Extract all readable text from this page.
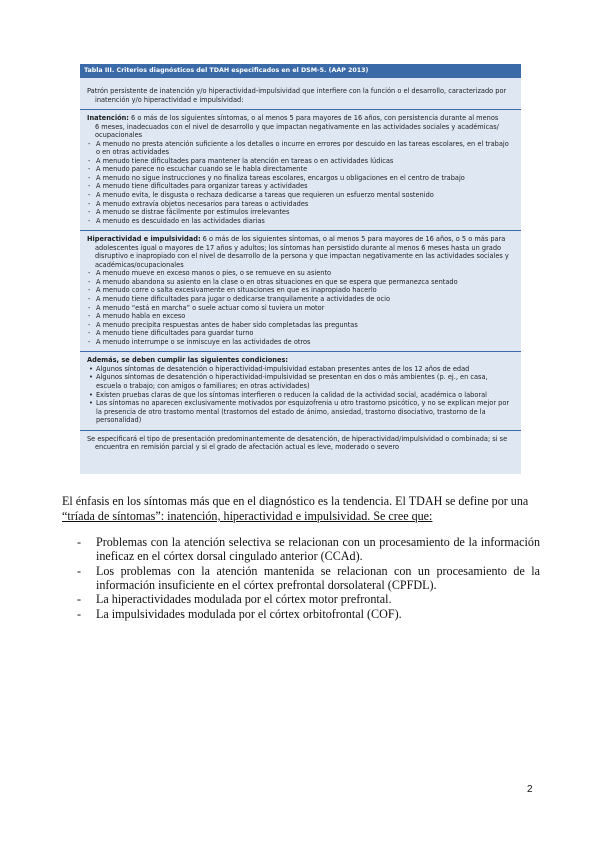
Tabla III. Criterios diagnósticos del TDAH especificados en el DSM-5. (AAP 2013)
Patrón persistente de inatención y/o hiperactividad-impulsividad que interfiere con la función o el desarrollo, caracterizado por
inatención y/o hiperactividad e impulsividad:
Inatención: 6 o más de los siguientes síntomas, o al menos 5 para mayores de 16 años, con persistencia durante al menos
6 meses, inadecuados con el nivel de desarrollo y que impactan negativamente en las actividades sociales y académicas/
ocupacionales
- A menudo no presta atención suficiente a los detalles o incurre en errores por descuido en las tareas escolares, en el trabajo o en otras actividades
- A menudo tiene dificultades para mantener la atención en tareas o en actividades lúdicas
- A menudo parece no escuchar cuando se le habla directamente
- A menudo no sigue instrucciones y no finaliza tareas escolares, encargos u obligaciones en el centro de trabajo
- A menudo tiene dificultades para organizar tareas y actividades
- A menudo evita, le disgusta o rechaza dedicarse a tareas que requieren un esfuerzo mental sostenido
- A menudo extravía objetos necesarios para tareas o actividades
- A menudo se distrae fácilmente por estímulos irrelevantes
- A menudo es descuidado en las actividades diarias
Hiperactividad e impulsividad: 6 o más de los siguientes síntomas, o al menos 5 para mayores de 16 años, o 5 o más para
adolescentes igual o mayores de 17 años y adultos; los síntomas han persistido durante al menos 6 meses hasta un grado
disruptivo e inapropiado con el nivel de desarrollo de la persona y que impactan negativamente en las actividades sociales y
académicas/ocupacionales
- A menudo mueve en exceso manos o pies, o se remueve en su asiento
- A menudo abandona su asiento en la clase o en otras situaciones en que se espera que permanezca sentado
- A menudo corre o salta excesivamente en situaciones en que es inapropiado hacerlo
- A menudo tiene dificultades para jugar o dedicarse tranquilamente a actividades de ocio
- A menudo “está en marcha” o suele actuar como si tuviera un motor
- A menudo habla en exceso
- A menudo precipita respuestas antes de haber sido completadas las preguntas
- A menudo tiene dificultades para guardar turno
- A menudo interrumpe o se inmiscuye en las actividades de otros
Además, se deben cumplir las siguientes condiciones:
• Algunos síntomas de desatención o hiperactividad-impulsividad estaban presentes antes de los 12 años de edad
• Algunos síntomas de desatención o hiperactividad-impulsividad se presentan en dos o más ambientes (p. ej., en casa, escuela o trabajo; con amigos o familiares; en otras actividades)
• Existen pruebas claras de que los síntomas interfieren o reducen la calidad de la actividad social, académica o laboral
• Los síntomas no aparecen exclusivamente motivados por esquizofrenia u otro trastorno psicótico, y no se explican mejor por la presencia de otro trastorno mental (trastornos del estado de ánimo, ansiedad, trastorno disociativo, trastorno de la personalidad)
Se especificará el tipo de presentación predominantemente de desatención, de hiperactividad/impulsividad o combinada; si se
encuentra en remisión parcial y si el grado de afectación actual es leve, moderado o severo
El énfasis en los síntomas más que en el diagnóstico es la tendencia. El TDAH se define por una
“tríada de síntomas”: inatención, hiperactividad e impulsividad. Se cree que:
- Problemas con la atención selectiva se relacionan con un procesamiento de la información ineficaz en el córtex dorsal cingulado anterior (CCAd).
- Los problemas con la atención mantenida se relacionan con un procesamiento de la información insuficiente en el córtex prefrontal dorsolateral (CPFDL).
- La hiperactividades modulada por el córtex motor prefrontal.
- La impulsividades modulada por el córtex orbitofrontal (COF).
2
